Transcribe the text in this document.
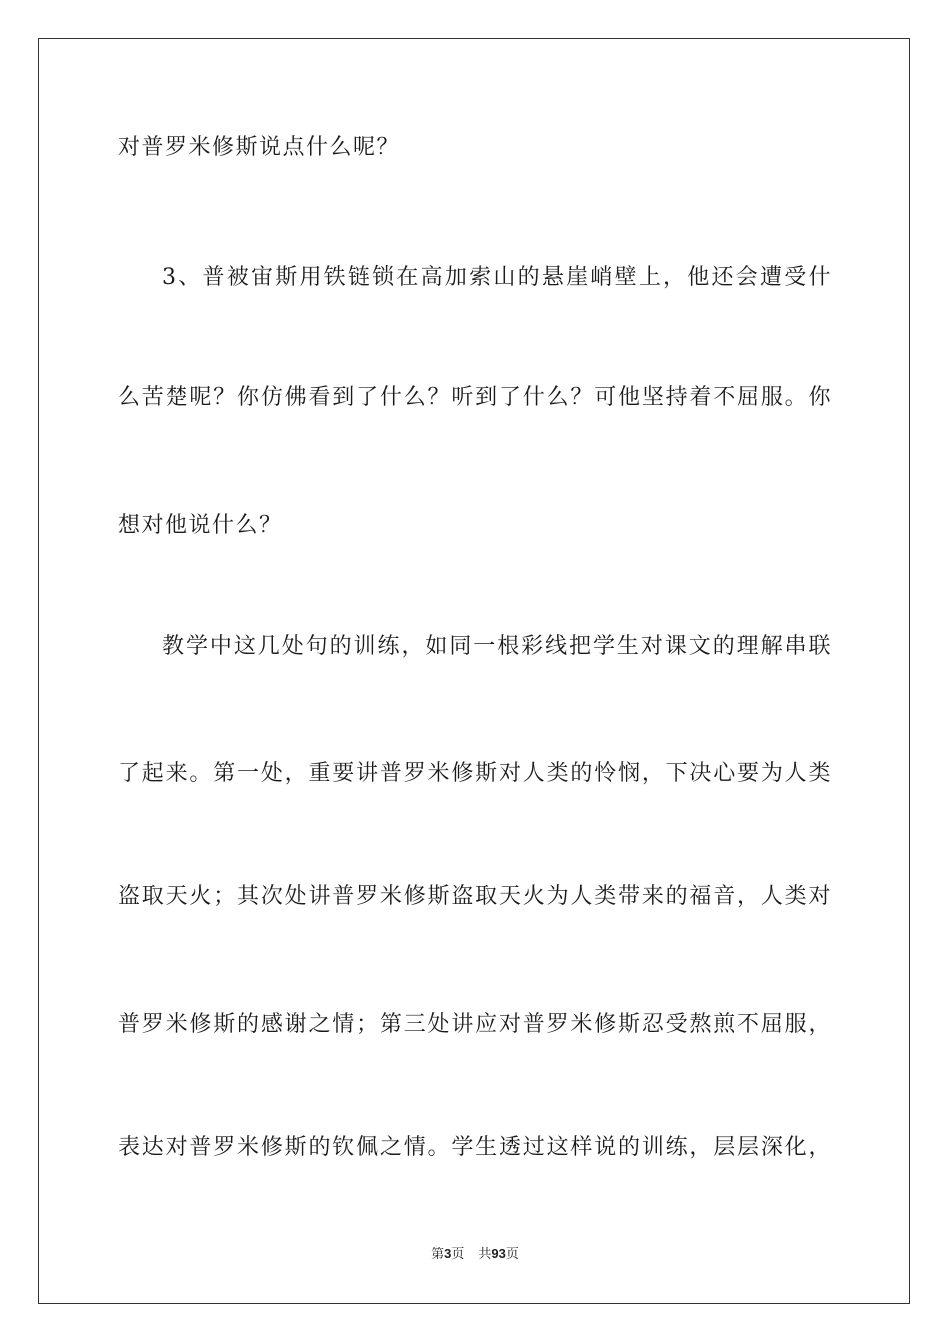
对普罗米修斯说点什么呢？
3、普被宙斯用铁链锁在高加索山的悬崖峭壁上，他还会遭受什
么苦楚呢？你仿佛看到了什么？听到了什么？可他坚持着不屈服。你
想对他说什么？
教学中这几处句的训练，如同一根彩线把学生对课文的理解串联
了起来。第一处，重要讲普罗米修斯对人类的怜悯，下决心要为人类
盗取天火；其次处讲普罗米修斯盗取天火为人类带来的福音，人类对
普罗米修斯的感谢之情；第三处讲应对普罗米修斯忍受熬煎不屈服，
表达对普罗米修斯的钦佩之情。学生透过这样说的训练，层层深化，
第3页 共93页
